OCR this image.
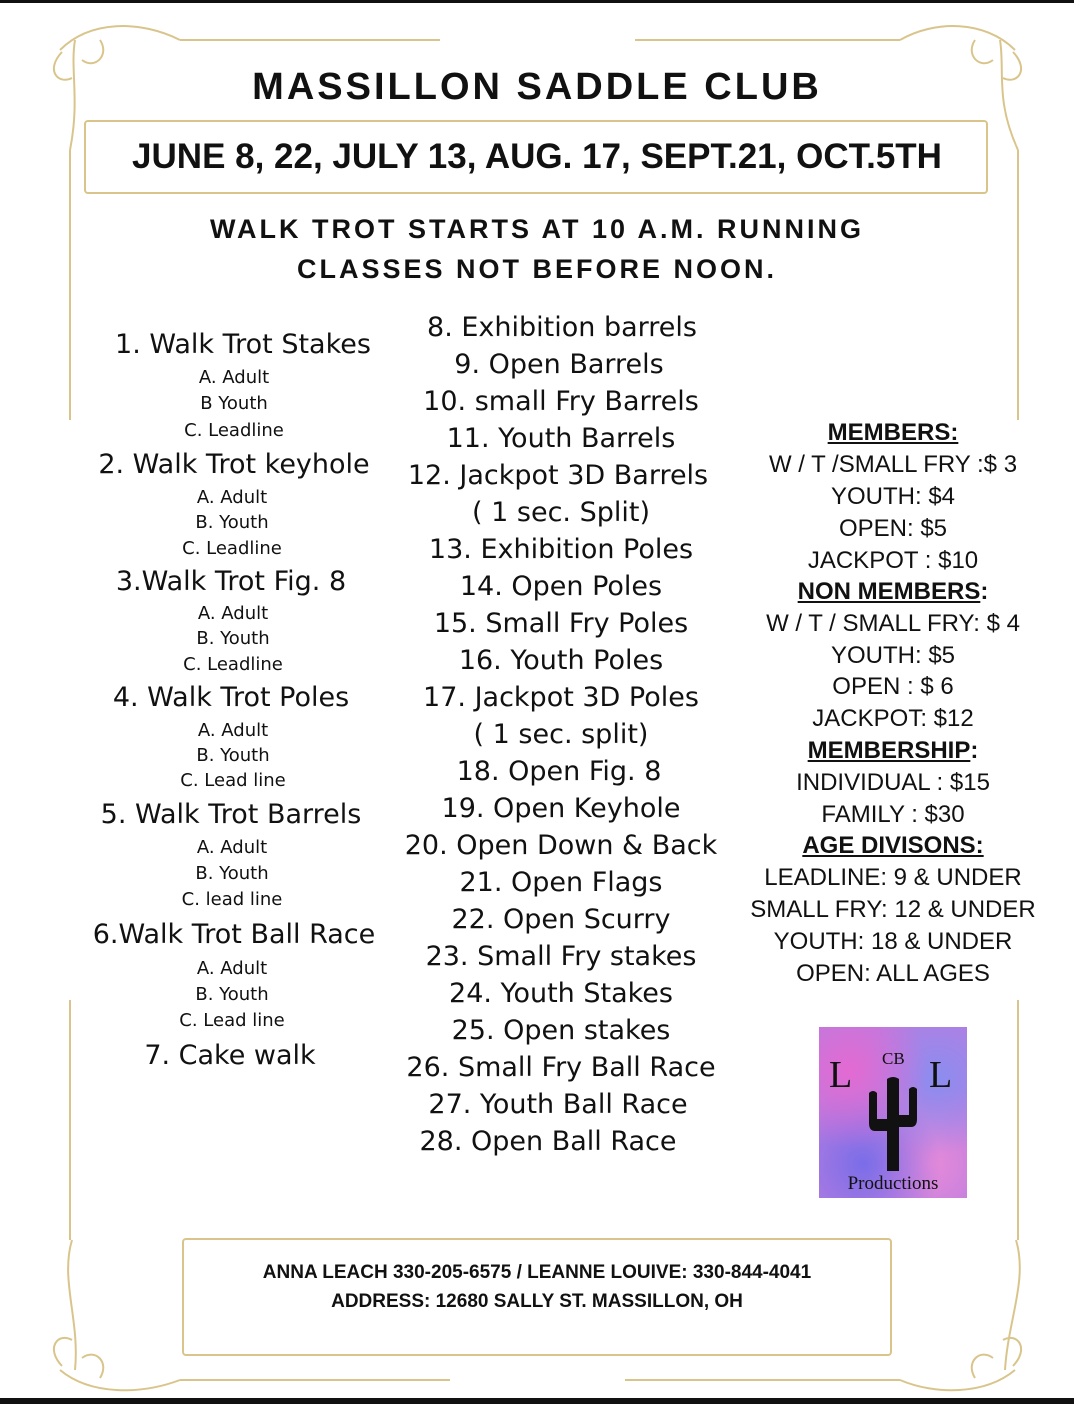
MASSILLON SADDLE CLUB
JUNE 8, 22, JULY 13, AUG. 17, SEPT.21, OCT.5TH
WALK TROT STARTS AT 10 A.M. RUNNING
CLASSES NOT BEFORE NOON.
1. Walk Trot Stakes
A. Adult
B Youth
C. Leadline
2. Walk Trot keyhole
A. Adult
B. Youth
C. Leadline
3.Walk Trot Fig. 8
A. Adult
B. Youth
C. Leadline
4. Walk Trot Poles
A. Adult
B. Youth
C. Lead line
5. Walk Trot Barrels
A. Adult
B. Youth
C. lead line
6.Walk Trot Ball Race
A. Adult
B. Youth
C. Lead line
7. Cake walk
8. Exhibition barrels
9. Open Barrels
10. small Fry Barrels
11. Youth Barrels
12. Jackpot 3D Barrels
( 1 sec. Split)
13. Exhibition Poles
14. Open Poles
15. Small Fry Poles
16. Youth Poles
17. Jackpot 3D Poles
( 1 sec. split)
18. Open Fig. 8
19. Open Keyhole
20. Open Down & Back
21. Open Flags
22. Open Scurry
23. Small Fry stakes
24. Youth Stakes
25. Open stakes
26. Small Fry Ball Race
27. Youth Ball Race
28. Open Ball Race
MEMBERS:
W / T /SMALL FRY :$ 3
YOUTH: $4
OPEN: $5
JACKPOT : $10
NON MEMBERS:
W / T / SMALL FRY: $ 4
YOUTH: $5
OPEN : $ 6
JACKPOT: $12
MEMBERSHIP:
INDIVIDUAL : $15
FAMILY : $30
AGE DIVISONS:
LEADLINE: 9 & UNDER
SMALL FRY: 12 & UNDER
YOUTH: 18 & UNDER
OPEN: ALL AGES
L CB L
Productions
ANNA LEACH 330-205-6575 / LEANNE LOUIVE: 330-844-4041
ADDRESS: 12680 SALLY ST. MASSILLON, OH
